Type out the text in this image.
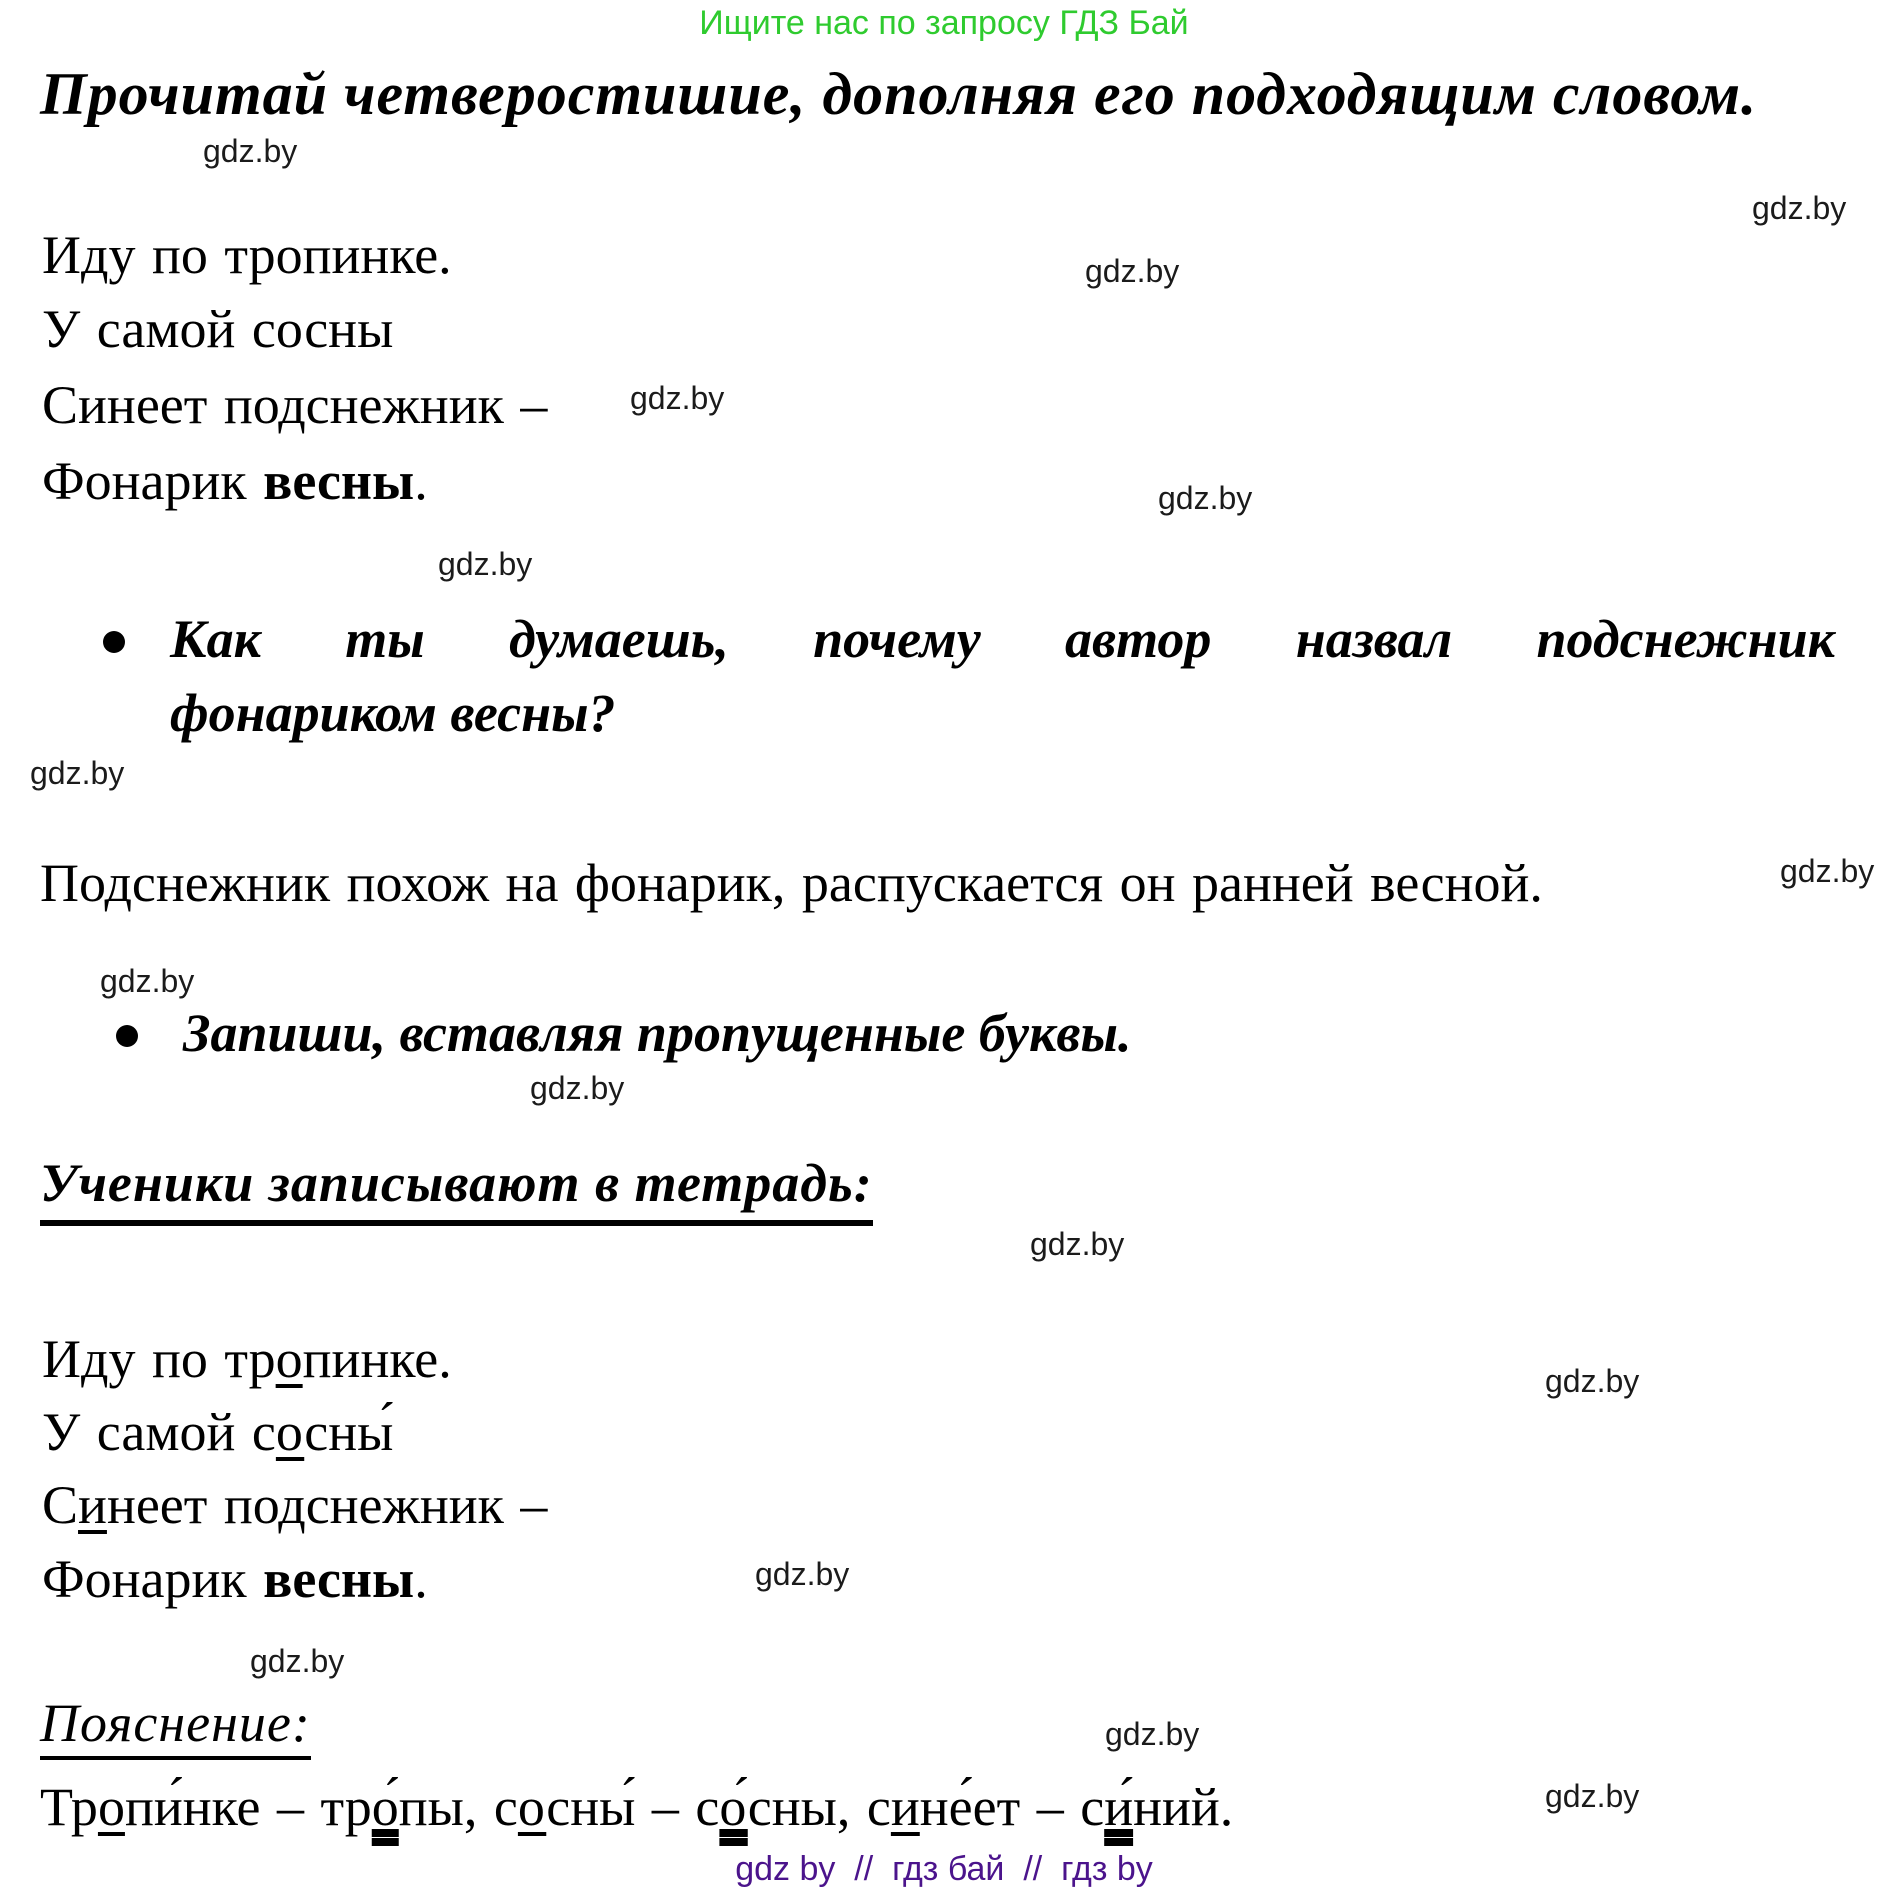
Ищите нас по запросу ГДЗ Бай
Прочитай четверостишие, дополняя его подходящим словом.
Иду по тропинке.
У самой сосны
Синеет подснежник –
Фонарик весны.
Как ты думаешь, почему автор назвал подснежник
фонариком весны?
Подснежник похож на фонарик, распускается он ранней весной.
Запиши, вставляя пропущенные буквы.
Ученики записывают в тетрадь:
Иду по тропинке.
У самой сосны́
Синеет подснежник –
Фонарик весны.
Пояснение:
Тропи́нке – тро́пы, сосны́ – со́сны, сине́ет – си́ний.
gdz.by
gdz.by
gdz.by
gdz.by
gdz.by
gdz.by
gdz.by
gdz.by
gdz.by
gdz.by
gdz.by
gdz.by
gdz.by
gdz.by
gdz.by
gdz.by
gdz by  //  гдз бай  //  гдз by
